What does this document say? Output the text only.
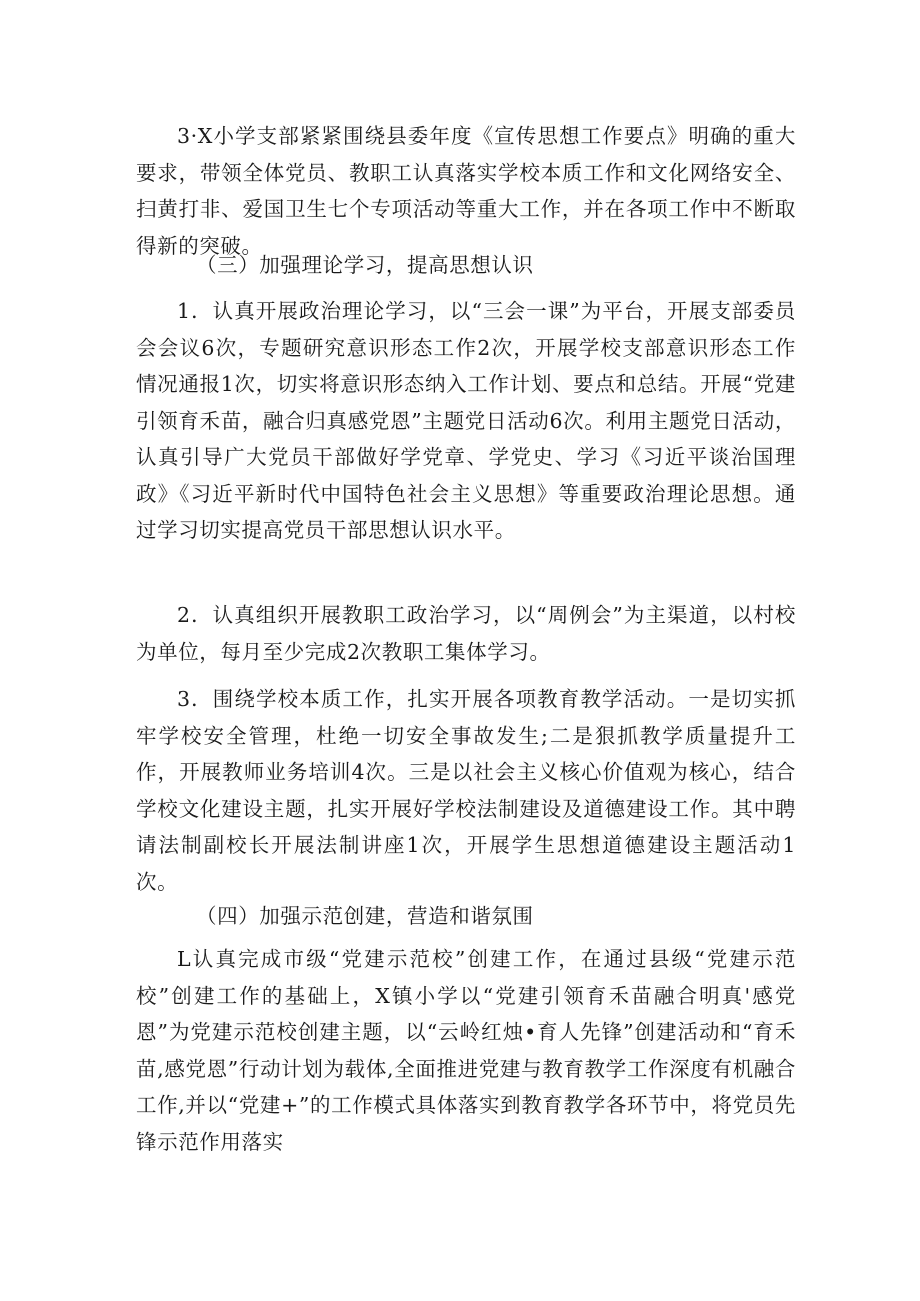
3·X小学支部紧紧围绕县委年度《宣传思想工作要点》明确的重大要求，带领全体党员、教职工认真落实学校本质工作和文化网络安全、扫黄打非、爱国卫生七个专项活动等重大工作，并在各项工作中不断取得新的突破。

（三）加强理论学习，提高思想认识

1．认真开展政治理论学习，以“三会一课”为平台，开展支部委员会会议6次，专题研究意识形态工作2次，开展学校支部意识形态工作情况通报1次，切实将意识形态纳入工作计划、要点和总结。开展“党建引领育禾苗，融合归真感党恩”主题党日活动6次。利用主题党日活动，认真引导广大党员干部做好学党章、学党史、学习《习近平谈治国理政》《习近平新时代中国特色社会主义思想》等重要政治理论思想。通过学习切实提高党员干部思想认识水平。

2．认真组织开展教职工政治学习，以“周例会”为主渠道，以村校为单位，每月至少完成2次教职工集体学习。

3．围绕学校本质工作，扎实开展各项教育教学活动。一是切实抓牢学校安全管理，杜绝一切安全事故发生;二是狠抓教学质量提升工作，开展教师业务培训4次。三是以社会主义核心价值观为核心，结合学校文化建设主题，扎实开展好学校法制建设及道德建设工作。其中聘请法制副校长开展法制讲座1次，开展学生思想道德建设主题活动1次。

（四）加强示范创建，营造和谐氛围

L认真完成市级“党建示范校”创建工作，在通过县级“党建示范校”创建工作的基础上，X镇小学以“党建引领育禾苗融合明真'感党恩”为党建示范校创建主题，以“云岭红烛•育人先锋”创建活动和“育禾苗,感党恩”行动计划为载体,全面推进党建与教育教学工作深度有机融合工作,并以“党建+”的工作模式具体落实到教育教学各环节中，将党员先锋示范作用落实
